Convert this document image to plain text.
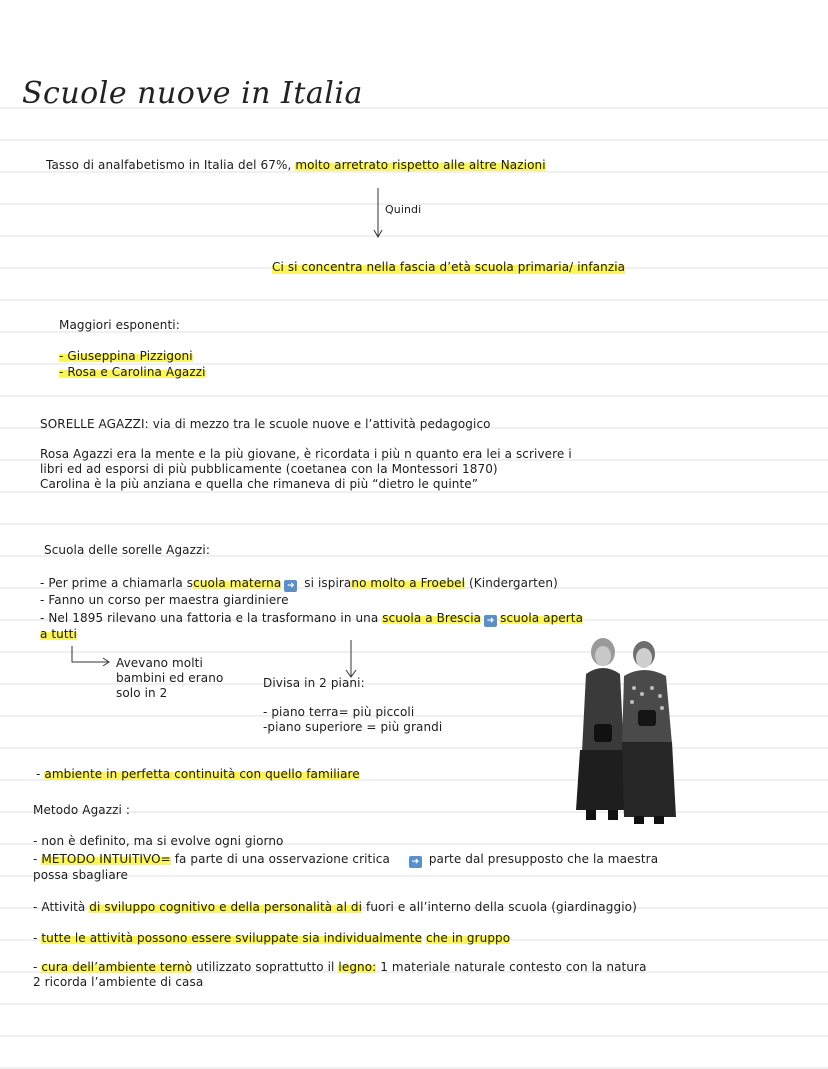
Scuole nuove in Italia
Tasso di analfabetismo in Italia del 67%, molto arretrato rispetto alle altre Nazioni
Quindi
Ci si concentra nella fascia d’età scuola primaria/ infanzia
Maggiori esponenti:
- Giuseppina Pizzigoni
- Rosa e Carolina Agazzi
SORELLE AGAZZI: via di mezzo tra le scuole nuove e l’attività pedagogico
Rosa Agazzi era la mente e la più giovane, è ricordata i più n quanto era lei a scrivere i
libri ed ad esporsi di più pubblicamente (coetanea con la Montessori 1870)
Carolina è la più anziana e quella che rimaneva di più “dietro le quinte”
Scuola delle sorelle Agazzi:
- Per prime a chiamarla scuola materna ➜ si ispirano molto a Froebel (Kindergarten)
- Fanno un corso per maestra giardiniere
- Nel 1895 rilevano una fattoria e la trasformano in una scuola a Brescia ➜ scuola aperta
a tutti
Avevano molti
bambini ed erano
solo in 2
Divisa in 2 piani:
- piano terra= più piccoli
-piano superiore = più grandi
- ambiente in perfetta continuità con quello familiare
Metodo Agazzi :
- non è definito, ma si evolve ogni giorno
- METODO INTUITIVO= fa parte di una osservazione critica ➜ parte dal presupposto che la maestra
possa sbagliare
- Attività di sviluppo cognitivo e della personalità al di fuori e all’interno della scuola (giardinaggio)
- tutte le attività possono essere sviluppate sia individualmente che in gruppo
- cura dell’ambiente ternò utilizzato soprattutto il legno: 1 materiale naturale contesto con la natura
2 ricorda l’ambiente di casa
